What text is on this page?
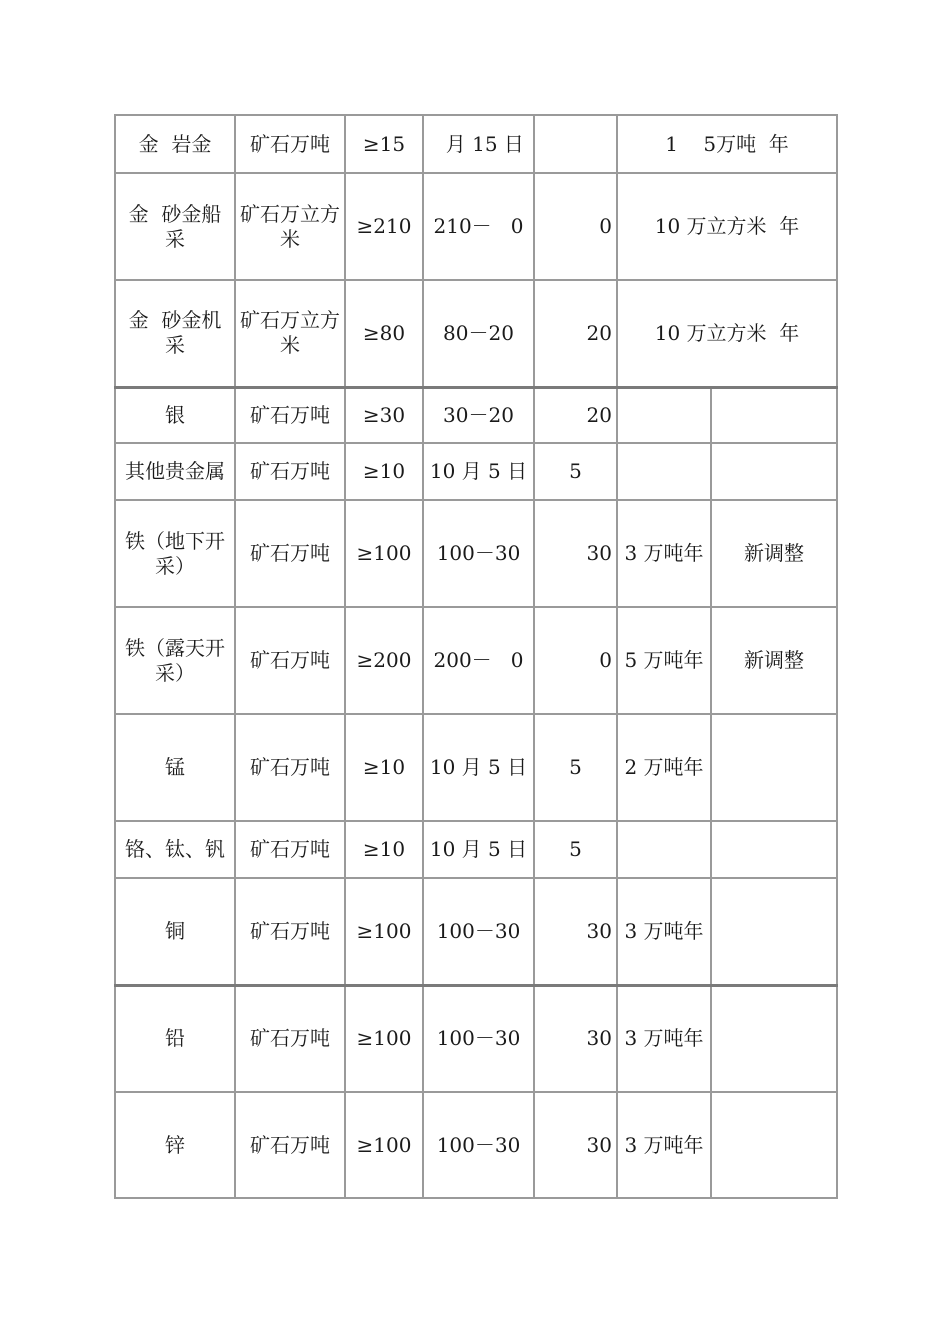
金  岩金	矿石万吨	≥15	月 15 日		1    5万吨  年	
金  砂金船采	矿石万立方米	≥210	210－   0	0	10 万立方米  年	
金  砂金机采	矿石万立方米	≥80	80－20	20	10 万立方米  年	
银	矿石万吨	≥30	30－20	20		
其他贵金属	矿石万吨	≥10	10 月 5 日	5		
铁（地下开采）	矿石万吨	≥100	100－30	30	3 万吨年	新调整
铁（露天开采）	矿石万吨	≥200	200－   0	0	5 万吨年	新调整
锰	矿石万吨	≥10	10 月 5 日	5	2 万吨年	
铬、钛、钒	矿石万吨	≥10	10 月 5 日	5		
铜	矿石万吨	≥100	100－30	30	3 万吨年	
铅	矿石万吨	≥100	100－30	30	3 万吨年	
锌	矿石万吨	≥100	100－30	30	3 万吨年	
